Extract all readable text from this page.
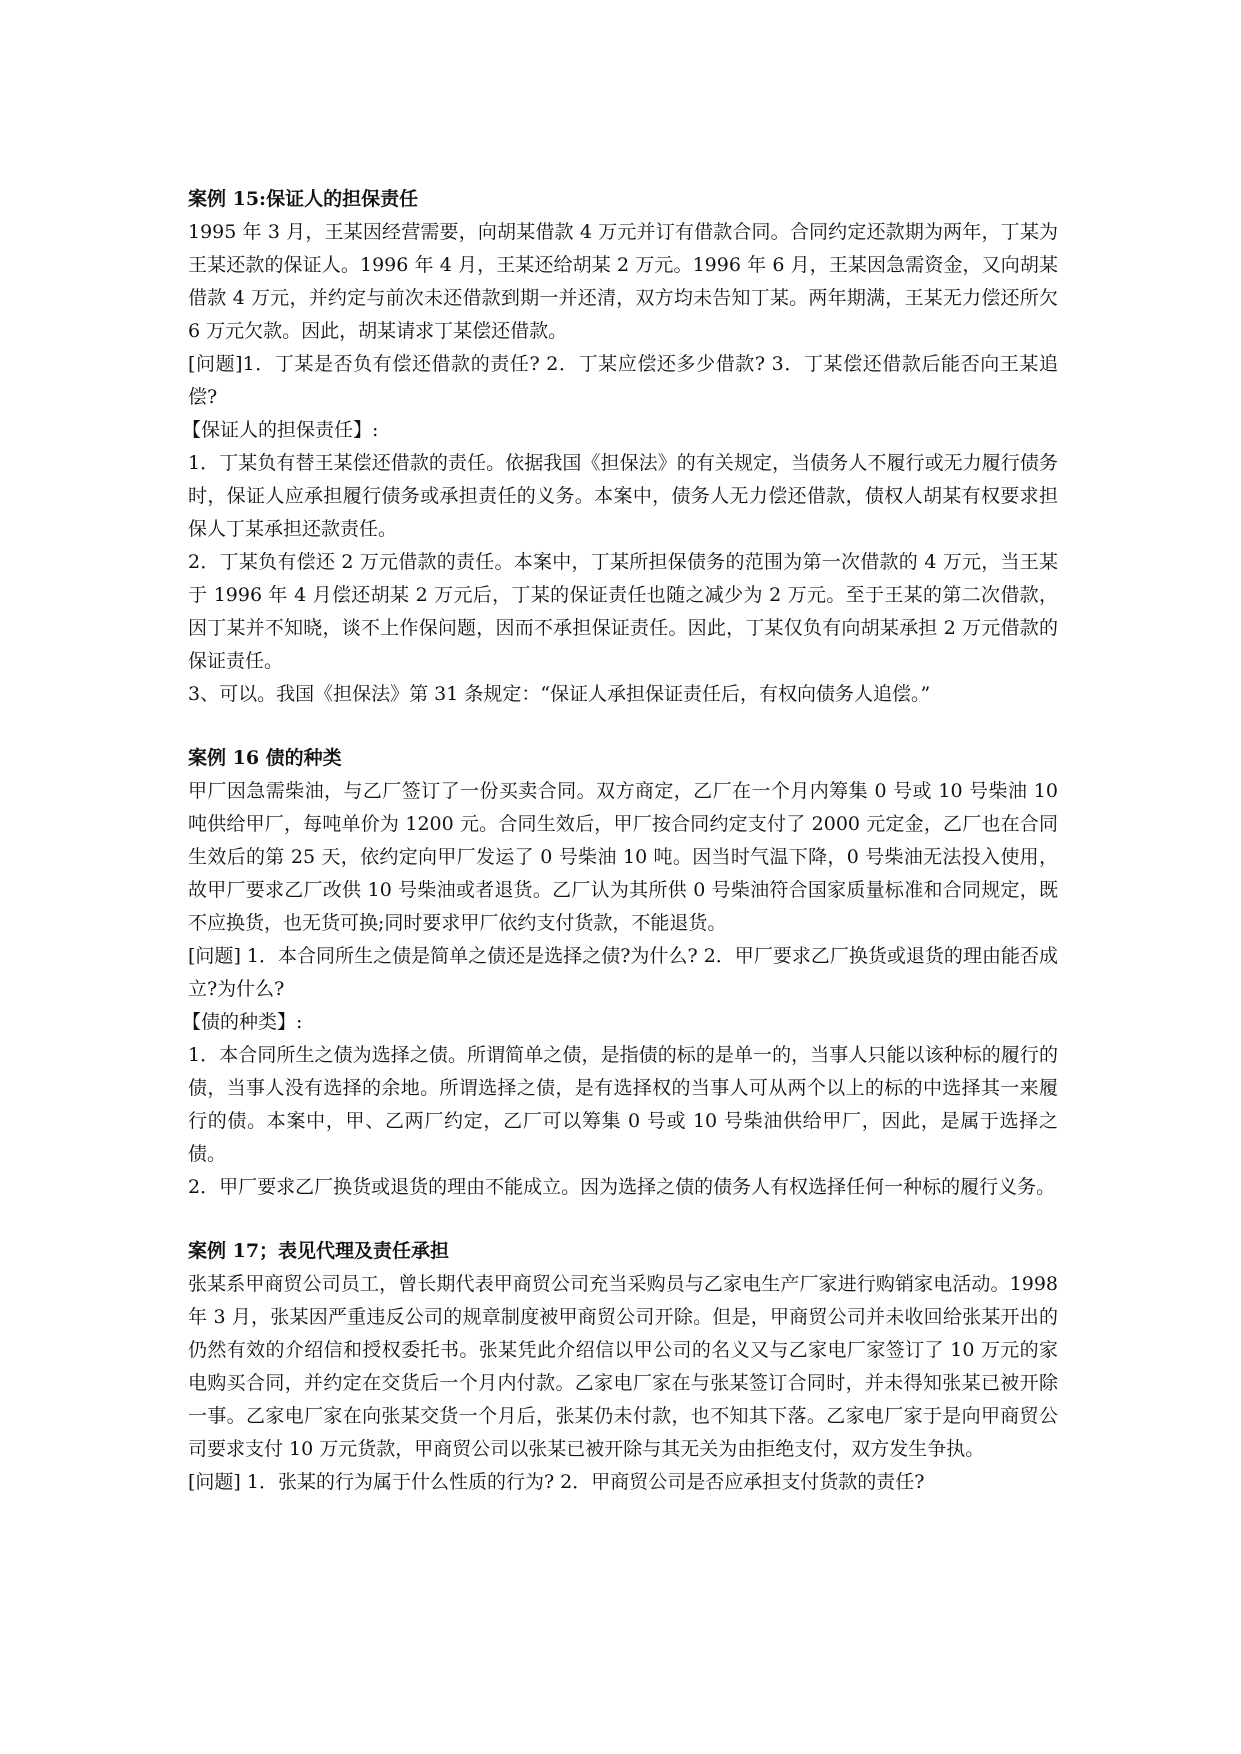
案例 15:保证人的担保责任

1995 年 3 月，王某因经营需要，向胡某借款 4 万元并订有借款合同。合同约定还款期为两年，丁某为王某还款的保证人。1996 年 4 月，王某还给胡某 2 万元。1996 年 6 月，王某因急需资金，又向胡某借款 4 万元，并约定与前次未还借款到期一并还清，双方均未告知丁某。两年期满，王某无力偿还所欠 6 万元欠款。因此，胡某请求丁某偿还借款。

[问题]1．丁某是否负有偿还借款的责任? 2．丁某应偿还多少借款? 3．丁某偿还借款后能否向王某追偿?

【保证人的担保责任】:

1．丁某负有替王某偿还借款的责任。依据我国《担保法》的有关规定，当债务人不履行或无力履行债务时，保证人应承担履行债务或承担责任的义务。本案中，债务人无力偿还借款，债权人胡某有权要求担保人丁某承担还款责任。

2．丁某负有偿还 2 万元借款的责任。本案中，丁某所担保债务的范围为第一次借款的 4 万元，当王某于 1996 年 4 月偿还胡某 2 万元后，丁某的保证责任也随之减少为 2 万元。至于王某的第二次借款，因丁某并不知晓，谈不上作保问题，因而不承担保证责任。因此，丁某仅负有向胡某承担 2 万元借款的保证责任。

3、可以。我国《担保法》第 31 条规定：“保证人承担保证责任后，有权向债务人追偿。”

案例 16 债的种类

甲厂因急需柴油，与乙厂签订了一份买卖合同。双方商定，乙厂在一个月内筹集 0 号或 10 号柴油 10 吨供给甲厂，每吨单价为 1200 元。合同生效后，甲厂按合同约定支付了 2000 元定金，乙厂也在合同生效后的第 25 天，依约定向甲厂发运了 0 号柴油 10 吨。因当时气温下降，0 号柴油无法投入使用，故甲厂要求乙厂改供 10 号柴油或者退货。乙厂认为其所供 0 号柴油符合国家质量标准和合同规定，既不应换货，也无货可换;同时要求甲厂依约支付货款，不能退货。

[问题] 1．本合同所生之债是简单之债还是选择之债?为什么? 2．甲厂要求乙厂换货或退货的理由能否成立?为什么?

【债的种类】:

1．本合同所生之债为选择之债。所谓简单之债，是指债的标的是单一的，当事人只能以该种标的履行的债，当事人没有选择的余地。所谓选择之债，是有选择权的当事人可从两个以上的标的中选择其一来履行的债。本案中，甲、乙两厂约定，乙厂可以筹集 0 号或 10 号柴油供给甲厂，因此，是属于选择之债。

2．甲厂要求乙厂换货或退货的理由不能成立。因为选择之债的债务人有权选择任何一种标的履行义务。

案例 17；表见代理及责任承担

张某系甲商贸公司员工，曾长期代表甲商贸公司充当采购员与乙家电生产厂家进行购销家电活动。1998 年 3 月，张某因严重违反公司的规章制度被甲商贸公司开除。但是，甲商贸公司并未收回给张某开出的仍然有效的介绍信和授权委托书。张某凭此介绍信以甲公司的名义又与乙家电厂家签订了 10 万元的家电购买合同，并约定在交货后一个月内付款。乙家电厂家在与张某签订合同时，并未得知张某已被开除一事。乙家电厂家在向张某交货一个月后，张某仍未付款，也不知其下落。乙家电厂家于是向甲商贸公司要求支付 10 万元货款，甲商贸公司以张某已被开除与其无关为由拒绝支付，双方发生争执。

[问题] 1．张某的行为属于什么性质的行为? 2．甲商贸公司是否应承担支付货款的责任?
